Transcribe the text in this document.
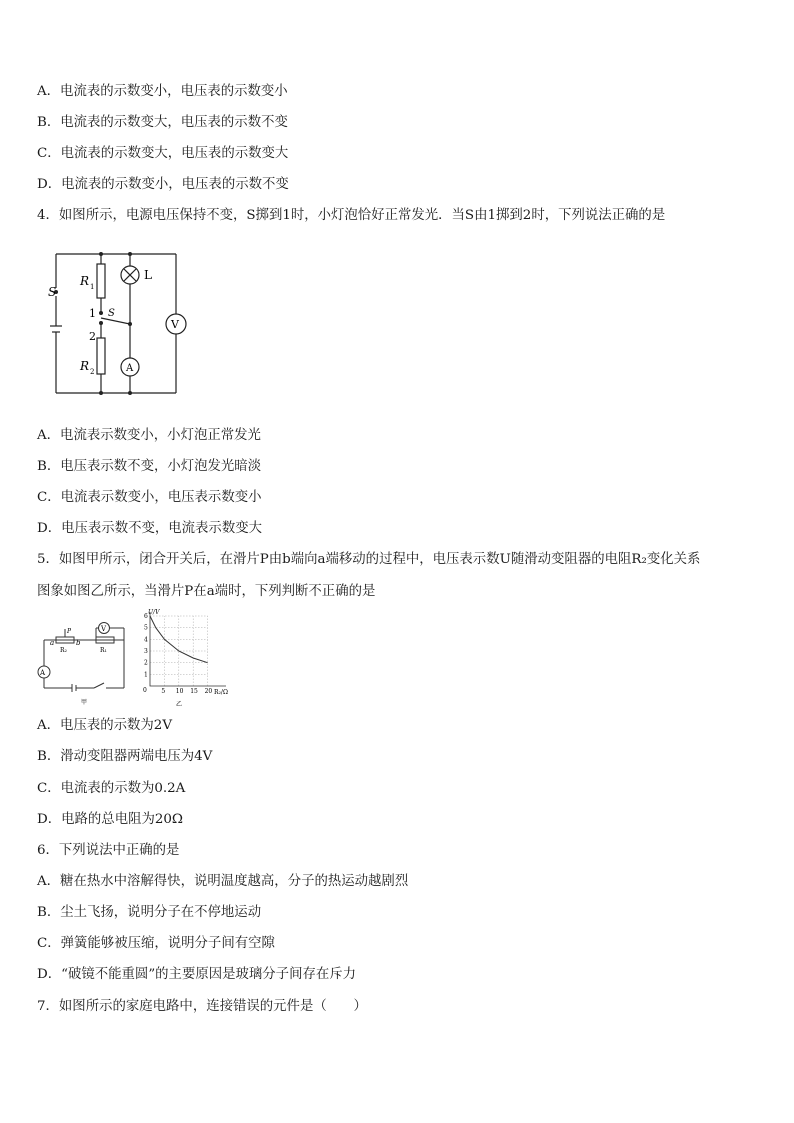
A．电流表的示数变小，电压表的示数变小
B．电流表的示数变大，电压表的示数不变
C．电流表的示数变大，电压表的示数变大
D．电流表的示数变小，电压表的示数不变
4．如图所示，电源电压保持不变，S掷到1时，小灯泡恰好正常发光．当S由1掷到2时，下列说法正确的是
S
R 1
R 2
L
V
A
1
2
S
A．电流表示数变小，小灯泡正常发光
B．电压表示数不变，小灯泡发光暗淡
C．电流表示数变小，电压表示数变小
D．电压表示数不变，电流表示数变大
5．如图甲所示，闭合开关后，在滑片P由b端向a端移动的过程中，电压表示数U随滑动变阻器的电阻R₂变化关系
图象如图乙所示，当滑片P在a端时，下列判断不正确的是
A
V
P
a	b
R₂	R₁
甲
1
2
3
4
5
6
5 10 15 20
U/V
R₂/Ω
0
乙
A．电压表的示数为2V
B．滑动变阻器两端电压为4V
C．电流表的示数为0.2A
D．电路的总电阻为20Ω
6．下列说法中正确的是
A．糖在热水中溶解得快，说明温度越高，分子的热运动越剧烈
B．尘土飞扬，说明分子在不停地运动
C．弹簧能够被压缩，说明分子间有空隙
D．“破镜不能重圆”的主要原因是玻璃分子间存在斥力
7．如图所示的家庭电路中，连接错误的元件是（　　）
